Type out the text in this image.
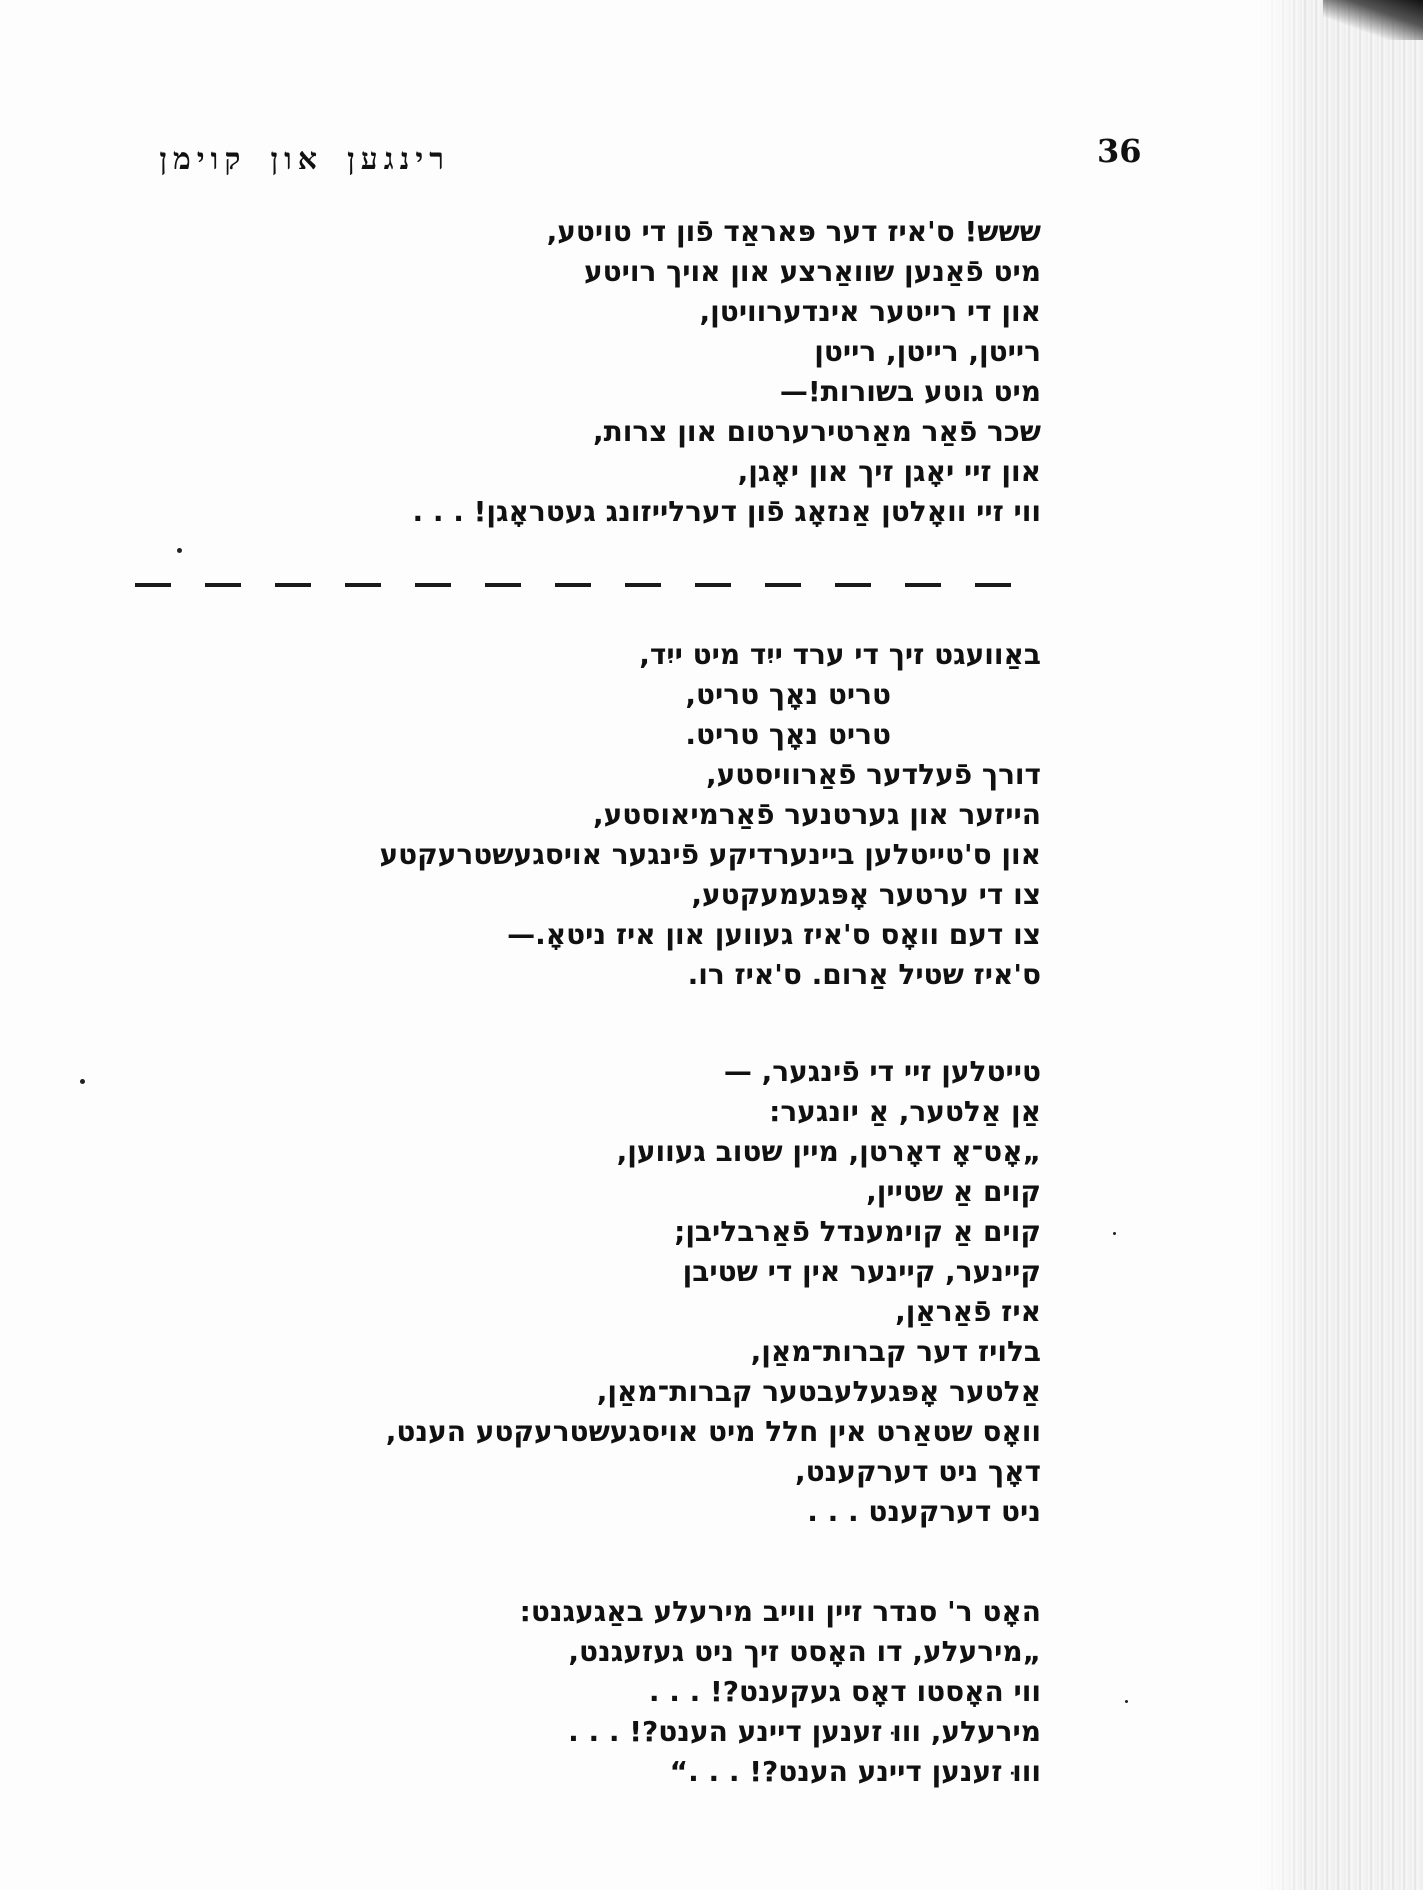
רינגען און קוימן	36
ששש! ס'איז דער פּאראַד פֿון די טויטע,
מיט פֿאַנען שוואַרצע און אויך רויטע
און די רייטער אינדערוויטן,
רייטן, רייטן, רייטן
מיט גוטע בשורות!—
שכר פֿאַר מאַרטירערטום און צרות,
און זיי יאָגן זיך און יאָגן,
ווי זיי וואָלטן אַנזאָג פֿון דערלייזונג געטראָגן! . . .
באַוועגט זיך די ערד ייִד מיט ייִד,
טריט נאָך טריט,
טריט נאָך טריט.
דורך פֿעלדער פֿאַרוויסטע,
הייזער און גערטנער פֿאַרמיאוסטע,
און ס'טייטלען ביינערדיקע פֿינגער אויסגעשטרעקטע
צו די ערטער אָפּגעמעקטע,
צו דעם וואָס ס'איז געווען און איז ניטאָ.—
ס'איז שטיל אַרום. ס'איז רו.
טייטלען זיי די פֿינגער, —
אַן אַלטער, אַ יונגער:
„אָט־אָ דאָרטן, מיין שטוב געווען,
קוים אַ שטיין,
קוים אַ קוימענדל פֿאַרבליבן;
קיינער, קיינער אין די שטיבן
איז פֿאַראַן,
בלויז דער קברות־מאַן,
אַלטער אָפּגעלעבטער קברות־מאַן,
וואָס שטאַרט אין חלל מיט אויסגעשטרעקטע הענט,
דאָך ניט דערקענט,
ניט דערקענט . . .
האָט ר' סנדר זיין ווייב מירעלע באַגעגנט:
„מירעלע, דו האָסט זיך ניט געזעגנט,
ווי האָסטו דאָס געקענט?! . . .
מירעלע, וווּ זענען דיינע הענט?! . . .
וווּ זענען דיינע הענט?! . . .“
